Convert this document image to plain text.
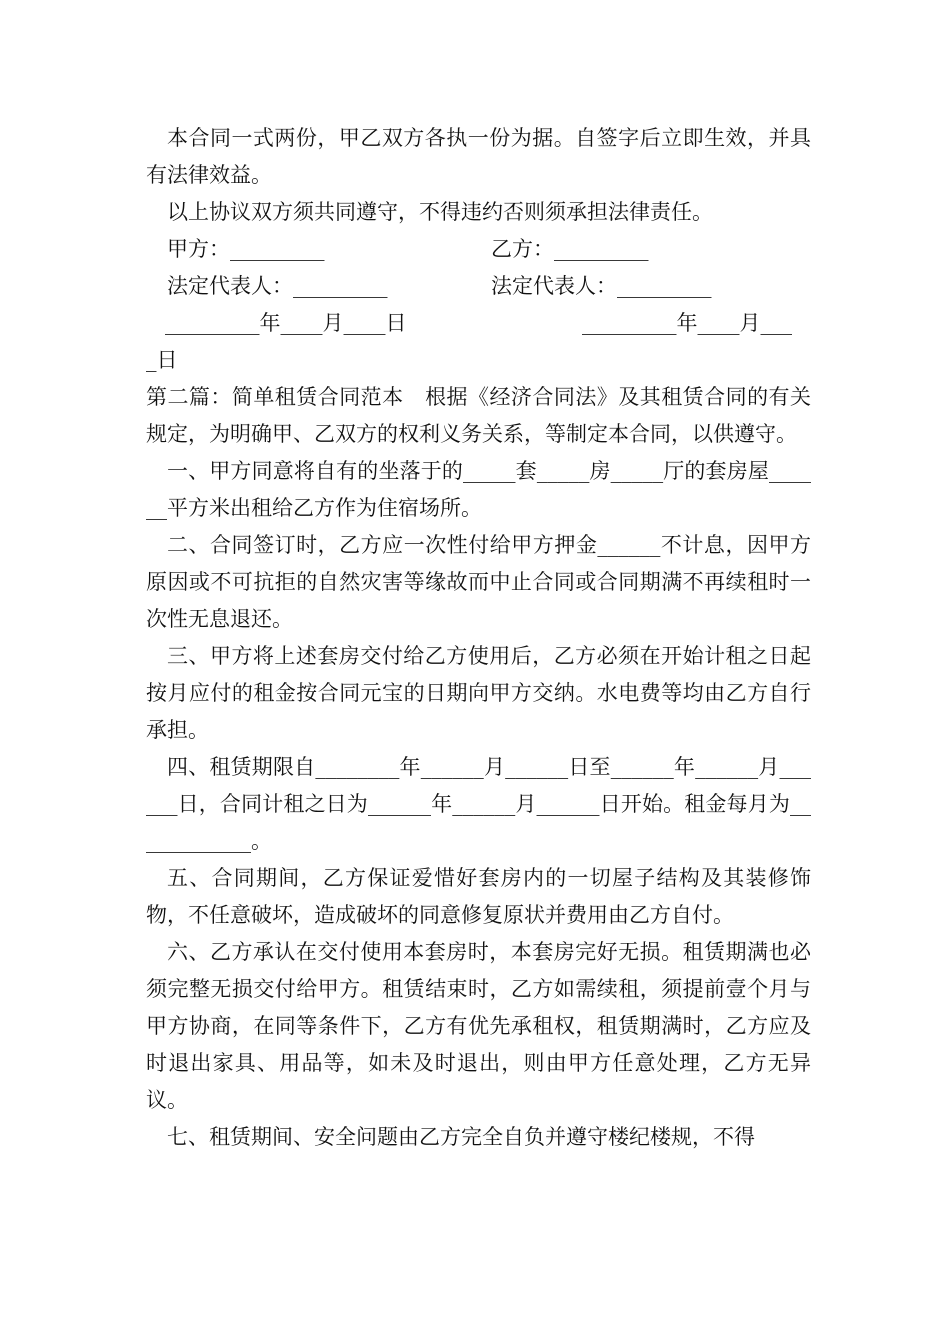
本合同一式两份，甲乙双方各执一份为据。自签字后立即生效，并具有法律效益。

以上协议双方须共同遵守，不得违约否则须承担法律责任。

甲方：_________	乙方：_________
法定代表人：_________	法定代表人：_________
_________年____月____日	_________年____月___
_日

第二篇：简单租赁合同范本　根据《经济合同法》及其租赁合同的有关规定，为明确甲、乙双方的权利义务关系，等制定本合同，以供遵守。

一、甲方同意将自有的坐落于的_____套_____房_____厅的套房屋______平方米出租给乙方作为住宿场所。

二、合同签订时，乙方应一次性付给甲方押金______不计息，因甲方原因或不可抗拒的自然灾害等缘故而中止合同或合同期满不再续租时一次性无息退还。

三、甲方将上述套房交付给乙方使用后，乙方必须在开始计租之日起按月应付的租金按合同元宝的日期向甲方交纳。水电费等均由乙方自行承担。

四、租赁期限自________年______月______日至______年______月______日，合同计租之日为______年______月______日开始。租金每月为____________。

五、合同期间，乙方保证爱惜好套房内的一切屋子结构及其装修饰物，不任意破坏，造成破坏的同意修复原状并费用由乙方自付。

六、乙方承认在交付使用本套房时，本套房完好无损。租赁期满也必须完整无损交付给甲方。租赁结束时，乙方如需续租，须提前壹个月与甲方协商，在同等条件下，乙方有优先承租权，租赁期满时，乙方应及时退出家具、用品等，如未及时退出，则由甲方任意处理，乙方无异议。

七、租赁期间、安全问题由乙方完全自负并遵守楼纪楼规，不得
